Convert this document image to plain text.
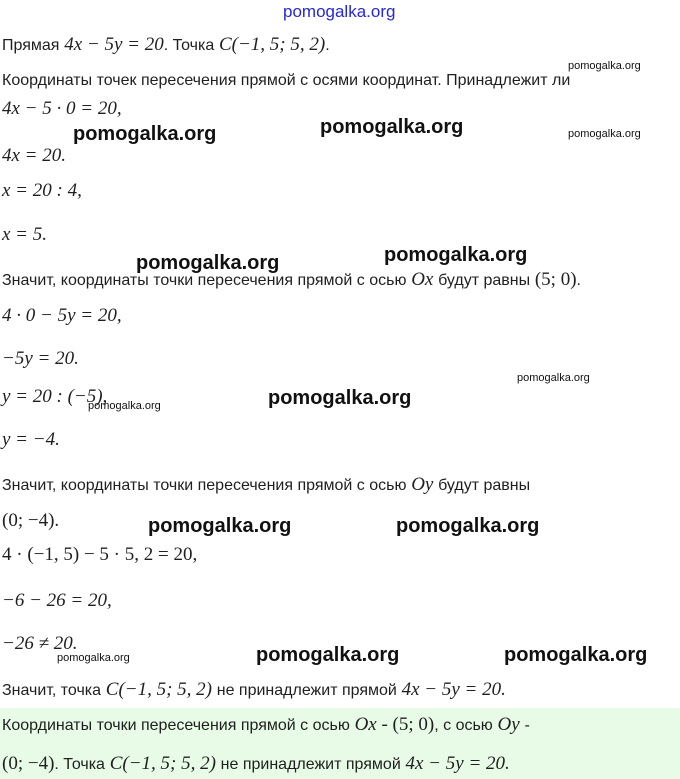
pomogalka.org
Прямая 4x − 5y = 20. Точка C(−1, 5; 5, 2).
Координаты точек пересечения прямой с осями координат. Принадлежит ли
4x − 5 · 0 = 20,
4x = 20.
x = 20 : 4,
x = 5.
Значит, координаты точки пересечения прямой с осью Ox будут равны (5; 0).
4 · 0 − 5y = 20,
−5y = 20.
y = 20 : (−5),
y = −4.
Значит, координаты точки пересечения прямой с осью Oy будут равны
(0; −4).
4 · (−1, 5) − 5 · 5, 2 = 20,
−6 − 26 = 20,
−26 ≠ 20.
Значит, точка C(−1, 5; 5, 2) не принадлежит прямой 4x − 5y = 20.
Координаты точки пересечения прямой с осью Ox - (5; 0), с осью Oy -
(0; −4). Точка C(−1, 5; 5, 2) не принадлежит прямой 4x − 5y = 20.
pomogalka.org
pomogalka.org
pomogalka.org	pomogalka.org
pomogalka.org
pomogalka.org
pomogalka.org
pomogalka.org
pomogalka.org
pomogalka.org	pomogalka.org
pomogalka.org	pomogalka.org	pomogalka.org
